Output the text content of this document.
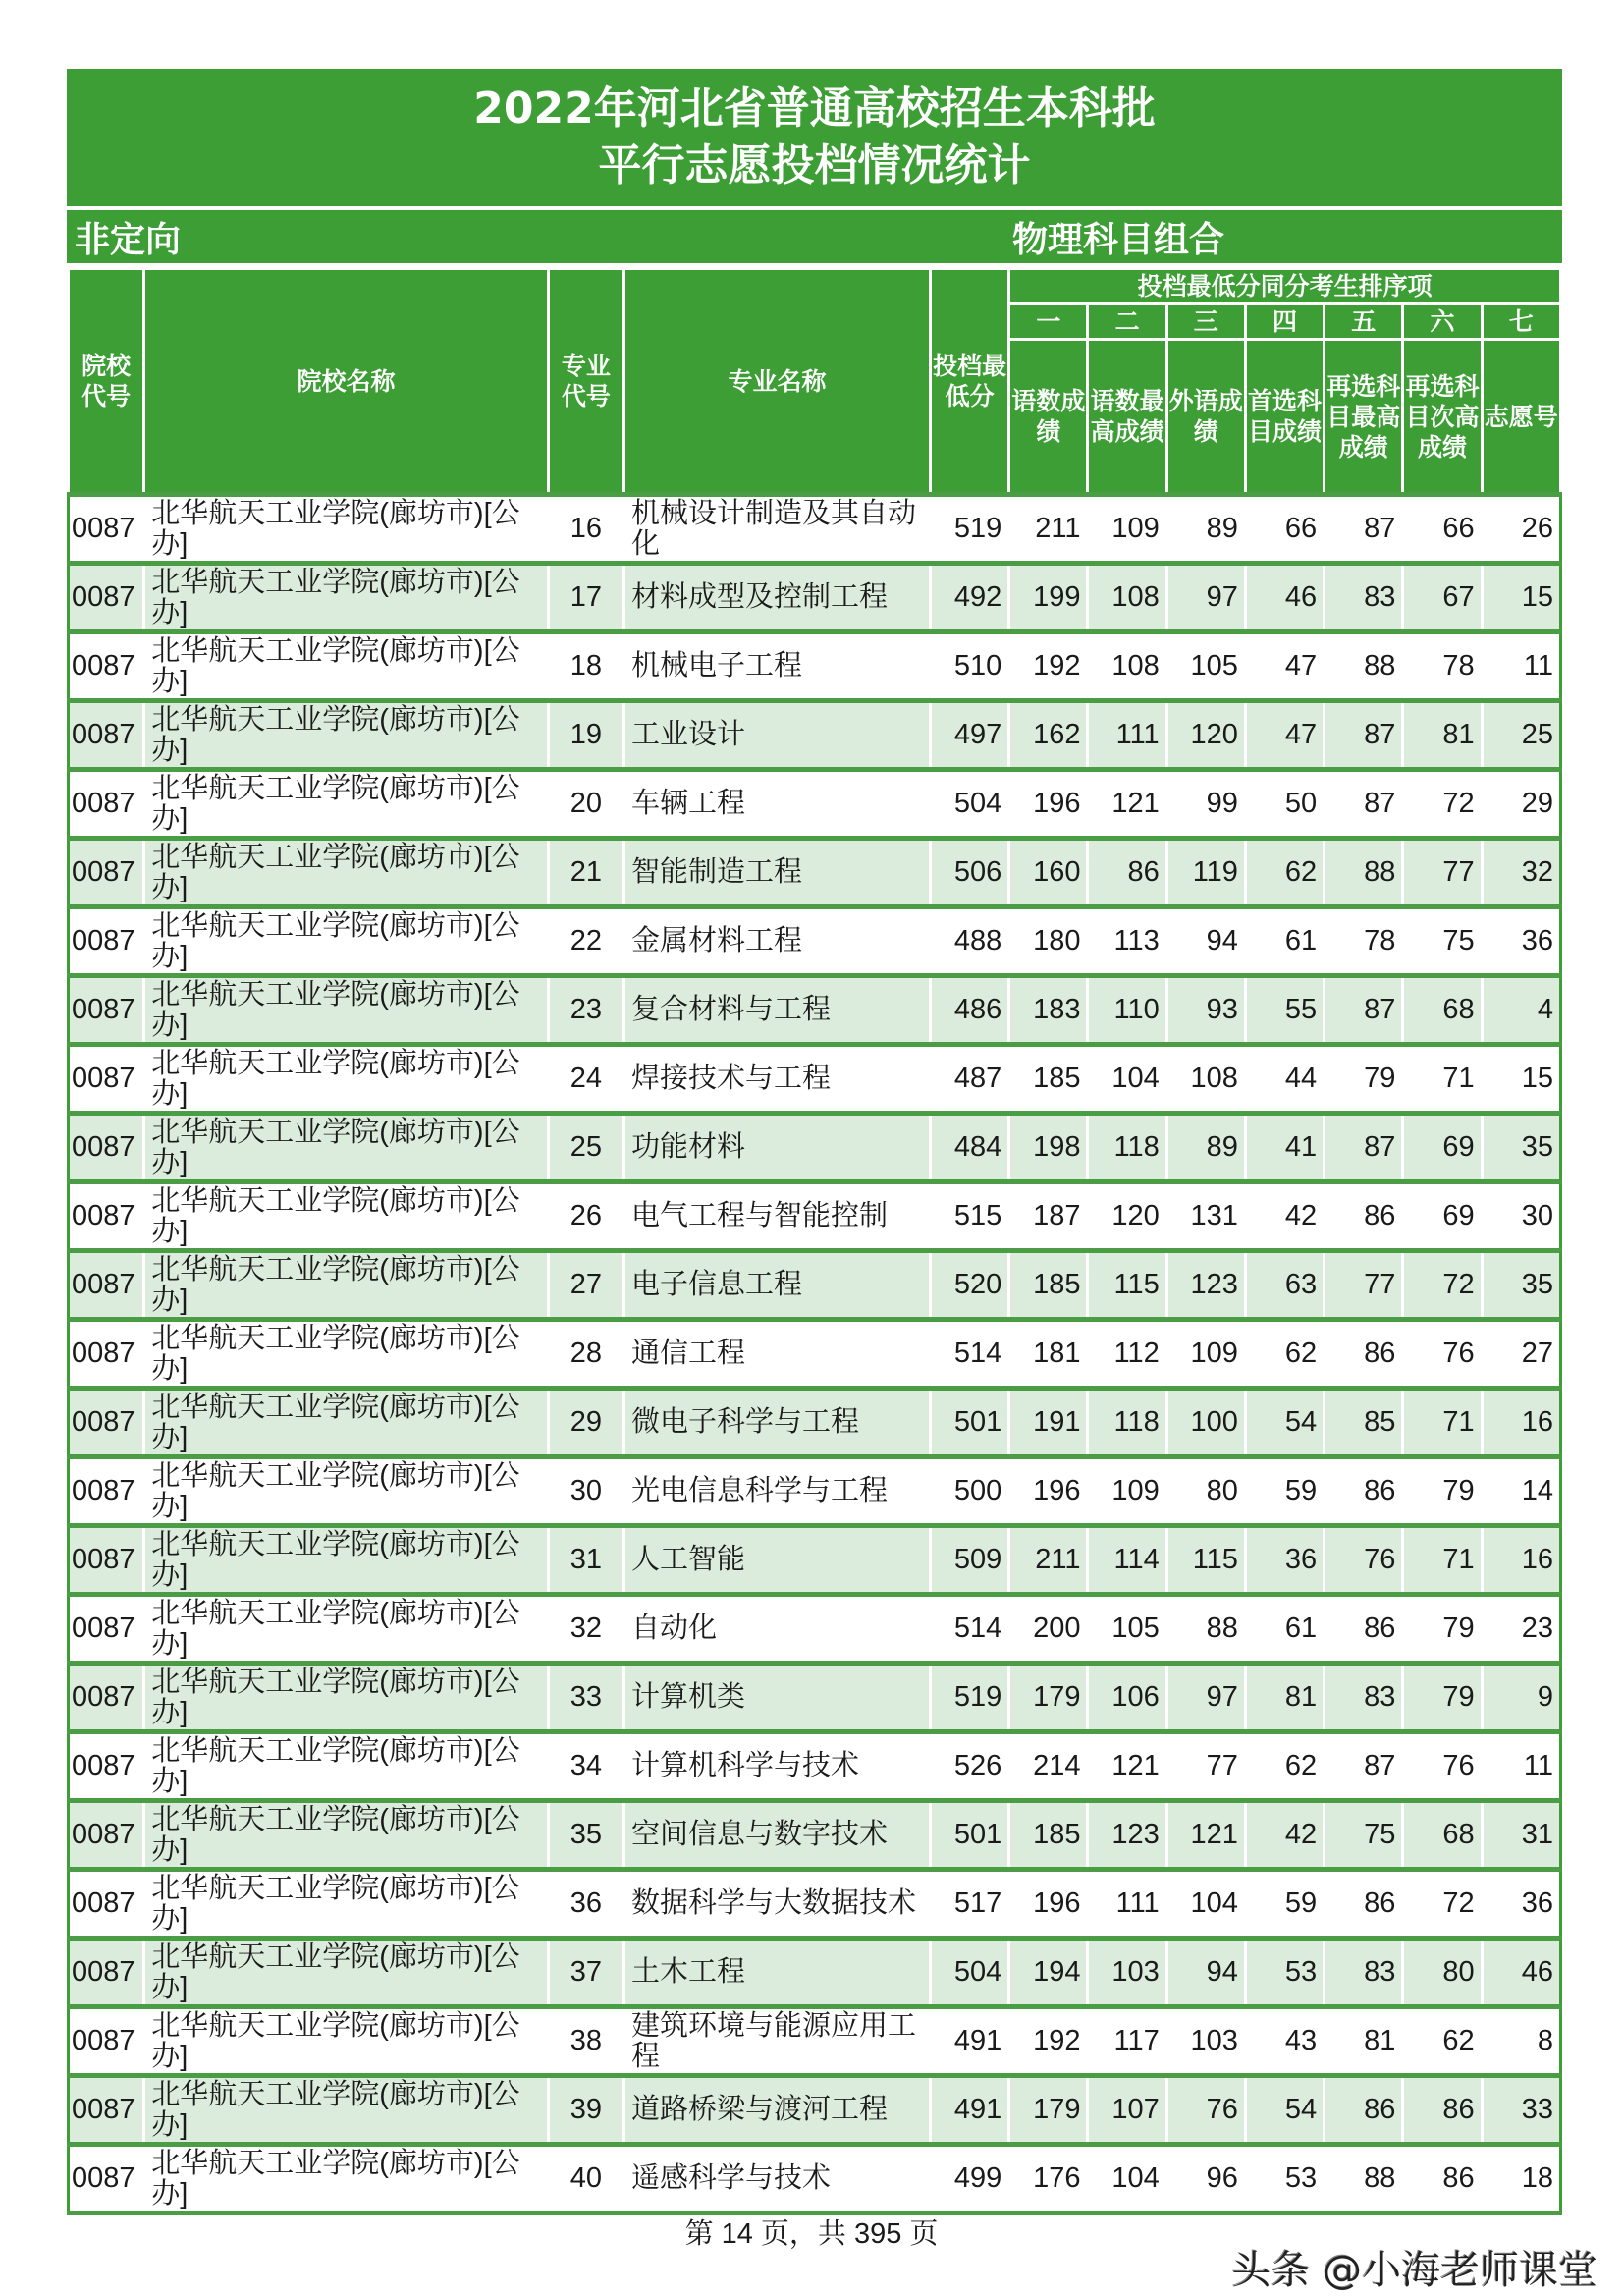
2022年河北省普通高校招生本科批
平行志愿投档情况统计
非定向	物理科目组合
院校代号	院校名称	专业代号	专业名称	投档最低分	投档最低分同分考生排序项						
					一	二	三	四	五	六	七
					语数成绩	语数最高成绩	外语成绩	首选科目成绩	再选科目最高成绩	再选科目次高成绩	志愿号
0087	北华航天工业学院(廊坊市)[公办]	16	机械设计制造及其自动化	519	211	109	89	66	87	66	26
0087	北华航天工业学院(廊坊市)[公办]	17	材料成型及控制工程	492	199	108	97	46	83	67	15
0087	北华航天工业学院(廊坊市)[公办]	18	机械电子工程	510	192	108	105	47	88	78	11
0087	北华航天工业学院(廊坊市)[公办]	19	工业设计	497	162	111	120	47	87	81	25
0087	北华航天工业学院(廊坊市)[公办]	20	车辆工程	504	196	121	99	50	87	72	29
0087	北华航天工业学院(廊坊市)[公办]	21	智能制造工程	506	160	86	119	62	88	77	32
0087	北华航天工业学院(廊坊市)[公办]	22	金属材料工程	488	180	113	94	61	78	75	36
0087	北华航天工业学院(廊坊市)[公办]	23	复合材料与工程	486	183	110	93	55	87	68	4
0087	北华航天工业学院(廊坊市)[公办]	24	焊接技术与工程	487	185	104	108	44	79	71	15
0087	北华航天工业学院(廊坊市)[公办]	25	功能材料	484	198	118	89	41	87	69	35
0087	北华航天工业学院(廊坊市)[公办]	26	电气工程与智能控制	515	187	120	131	42	86	69	30
0087	北华航天工业学院(廊坊市)[公办]	27	电子信息工程	520	185	115	123	63	77	72	35
0087	北华航天工业学院(廊坊市)[公办]	28	通信工程	514	181	112	109	62	86	76	27
0087	北华航天工业学院(廊坊市)[公办]	29	微电子科学与工程	501	191	118	100	54	85	71	16
0087	北华航天工业学院(廊坊市)[公办]	30	光电信息科学与工程	500	196	109	80	59	86	79	14
0087	北华航天工业学院(廊坊市)[公办]	31	人工智能	509	211	114	115	36	76	71	16
0087	北华航天工业学院(廊坊市)[公办]	32	自动化	514	200	105	88	61	86	79	23
0087	北华航天工业学院(廊坊市)[公办]	33	计算机类	519	179	106	97	81	83	79	9
0087	北华航天工业学院(廊坊市)[公办]	34	计算机科学与技术	526	214	121	77	62	87	76	11
0087	北华航天工业学院(廊坊市)[公办]	35	空间信息与数字技术	501	185	123	121	42	75	68	31
0087	北华航天工业学院(廊坊市)[公办]	36	数据科学与大数据技术	517	196	111	104	59	86	72	36
0087	北华航天工业学院(廊坊市)[公办]	37	土木工程	504	194	103	94	53	83	80	46
0087	北华航天工业学院(廊坊市)[公办]	38	建筑环境与能源应用工程	491	192	117	103	43	81	62	8
0087	北华航天工业学院(廊坊市)[公办]	39	道路桥梁与渡河工程	491	179	107	76	54	86	86	33
0087	北华航天工业学院(廊坊市)[公办]	40	遥感科学与技术	499	176	104	96	53	88	86	18
第 14 页，共 395 页
头条 @小海老师课堂
